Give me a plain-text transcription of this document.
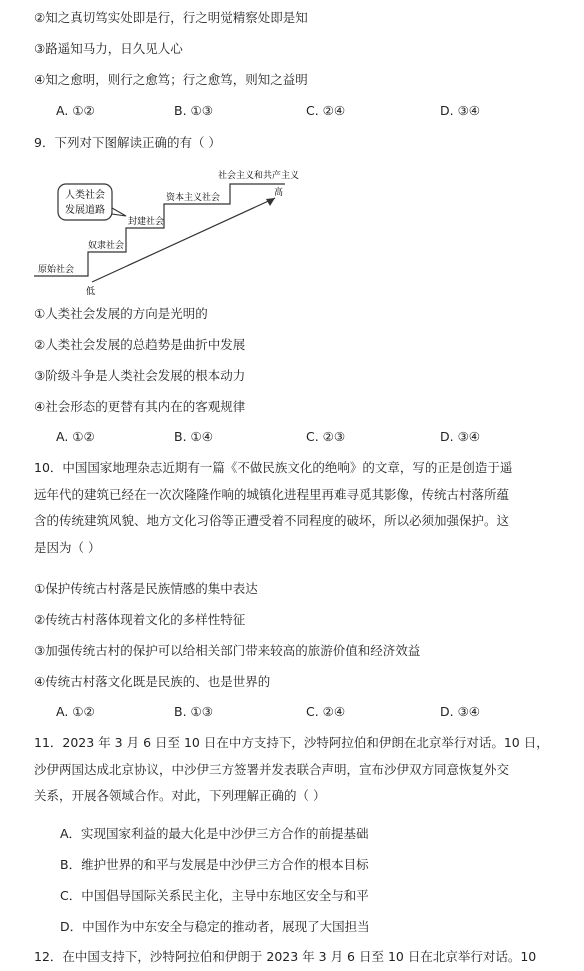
②知之真切笃实处即是行，行之明觉精察处即是知
③路遥知马力，日久见人心
④知之愈明，则行之愈笃；行之愈笃，则知之益明
A. ①②	B. ①③	C. ②④	D. ③④
9．下列对下图解读正确的有（ ）
人类社会
发展道路
原始社会
奴隶社会
封建社会
资本主义社会
社会主义和共产主义
低
高
①人类社会发展的方向是光明的
②人类社会发展的总趋势是曲折中发展
③阶级斗争是人类社会发展的根本动力
④社会形态的更替有其内在的客观规律
A. ①②	B. ①④	C. ②③	D. ③④
10．中国国家地理杂志近期有一篇《不做民族文化的绝响》的文章，写的正是创造于遥
远年代的建筑已经在一次次隆隆作响的城镇化进程里再难寻觅其影像，传统古村落所蕴
含的传统建筑风貌、地方文化习俗等正遭受着不同程度的破坏，所以必须加强保护。这
是因为（ ）
①保护传统古村落是民族情感的集中表达
②传统古村落体现着文化的多样性特征
③加强传统古村的保护可以给相关部门带来较高的旅游价值和经济效益
④传统古村落文化既是民族的、也是世界的
A. ①②	B. ①③	C. ②④	D. ③④
11．2023 年 3 月 6 日至 10 日在中方支持下，沙特阿拉伯和伊朗在北京举行对话。10 日，
沙伊两国达成北京协议，中沙伊三方签署并发表联合声明，宣布沙伊双方同意恢复外交
关系，开展各领域合作。对此，下列理解正确的（ ）
A．实现国家利益的最大化是中沙伊三方合作的前提基础
B．维护世界的和平与发展是中沙伊三方合作的根本目标
C．中国倡导国际关系民主化，主导中东地区安全与和平
D．中国作为中东安全与稳定的推动者，展现了大国担当
12．在中国支持下，沙特阿拉伯和伊朗于 2023 年 3 月 6 日至 10 日在北京举行对话。10
